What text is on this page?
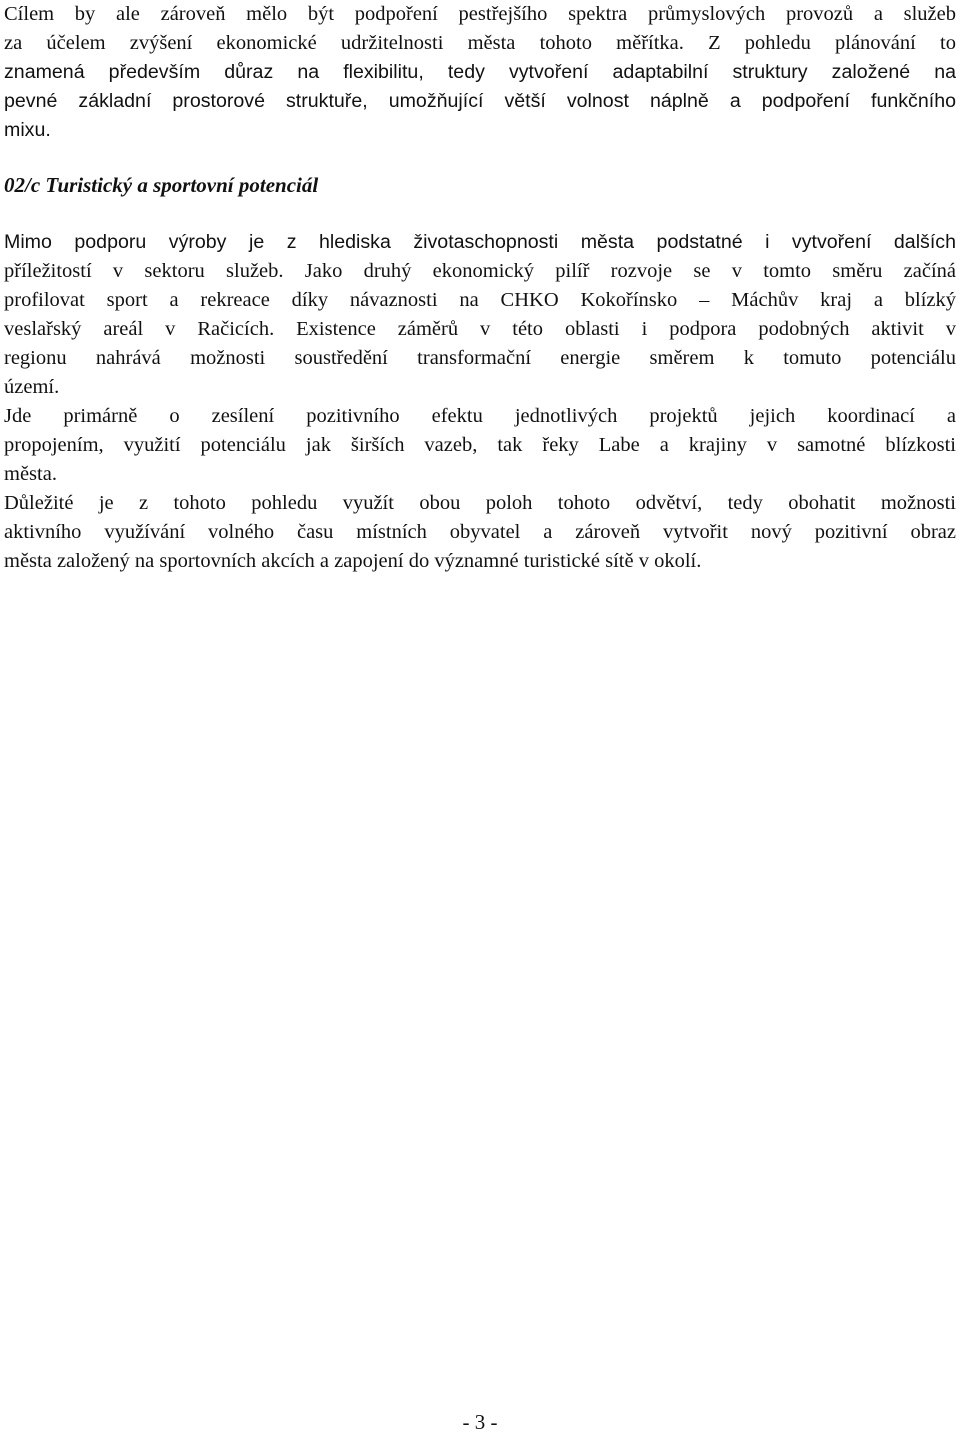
Cílem by ale zároveň mělo být podpoření pestřejšího spektra průmyslových provozů a služeb
za účelem zvýšení ekonomické udržitelnosti města tohoto měřítka. Z pohledu plánování to
znamená především důraz na flexibilitu, tedy vytvoření adaptabilní struktury založené na
pevné základní prostorové struktuře, umožňující větší volnost náplně a podpoření funkčního
mixu.
02/c Turistický a sportovní potenciál
Mimo podporu výroby je z hlediska životaschopnosti města podstatné i vytvoření dalších
příležitostí v sektoru služeb. Jako druhý ekonomický pilíř rozvoje se v tomto směru začíná
profilovat sport a rekreace díky návaznosti na CHKO Kokořínsko – Máchův kraj a blízký
veslařský areál v Račicích. Existence záměrů v této oblasti i podpora podobných aktivit v
regionu nahrává možnosti soustředění transformační energie směrem k tomuto potenciálu
území.
Jde primárně o zesílení pozitivního efektu jednotlivých projektů jejich koordinací a
propojením, využití potenciálu jak širších vazeb, tak řeky Labe a krajiny v samotné blízkosti
města.
Důležité je z tohoto pohledu využít obou poloh tohoto odvětví, tedy obohatit možnosti
aktivního využívání volného času místních obyvatel a zároveň vytvořit nový pozitivní obraz
města založený na sportovních akcích a zapojení do významné turistické sítě v okolí.
- 3 -
